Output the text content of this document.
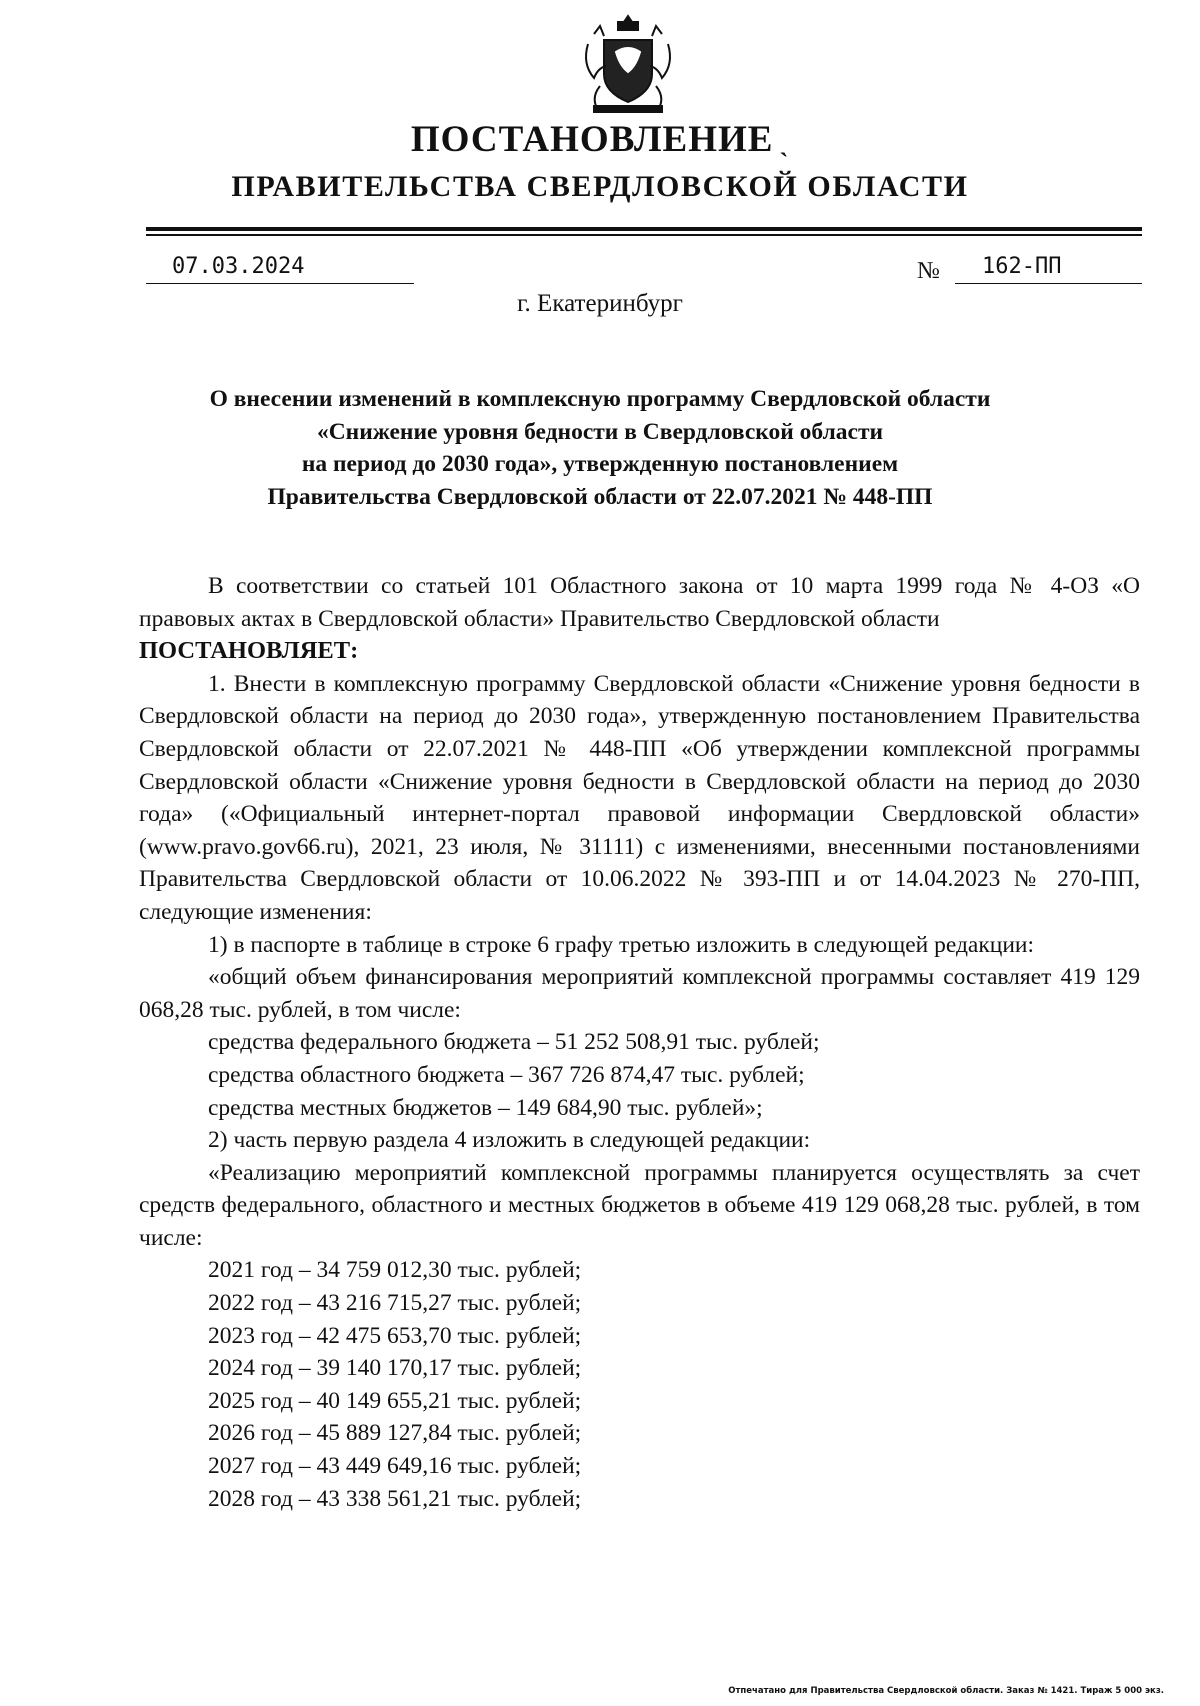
ПОСТАНОВЛЕНИЕ ˎ
ПРАВИТЕЛЬСТВА СВЕРДЛОВСКОЙ ОБЛАСТИ
07.03.2024	№ 162-ПП
г. Екатеринбург
О внесении изменений в комплексную программу Свердловской области
«Снижение уровня бедности в Свердловской области
на период до 2030 года», утвержденную постановлением
Правительства Свердловской области от 22.07.2021 № 448-ПП

В соответствии со статьей 101 Областного закона от 10 марта 1999 года № 4-ОЗ «О правовых актах в Свердловской области» Правительство Свердловской области

ПОСТАНОВЛЯЕТ:

1. Внести в комплексную программу Свердловской области «Снижение уровня бедности в Свердловской области на период до 2030 года», утвержденную постановлением Правительства Свердловской области от 22.07.2021 № 448-ПП «Об утверждении комплексной программы Свердловской области «Снижение уровня бедности в Свердловской области на период до 2030 года» («Официальный интернет-портал правовой информации Свердловской области» (www.pravo.gov66.ru), 2021, 23 июля, № 31111) с изменениями, внесенными постановлениями Правительства Свердловской области от 10.06.2022 № 393-ПП и от 14.04.2023 № 270-ПП, следующие изменения:

1) в паспорте в таблице в строке 6 графу третью изложить в следующей редакции:

«общий объем финансирования мероприятий комплексной программы составляет 419 129 068,28 тыс. рублей, в том числе:

средства федерального бюджета – 51 252 508,91 тыс. рублей;

средства областного бюджета – 367 726 874,47 тыс. рублей;

средства местных бюджетов – 149 684,90 тыс. рублей»;

2) часть первую раздела 4 изложить в следующей редакции:

«Реализацию мероприятий комплексной программы планируется осуществлять за счет средств федерального, областного и местных бюджетов в объеме 419 129 068,28 тыс. рублей, в том числе:

2021 год – 34 759 012,30 тыс. рублей;

2022 год – 43 216 715,27 тыс. рублей;

2023 год – 42 475 653,70 тыс. рублей;

2024 год – 39 140 170,17 тыс. рублей;

2025 год – 40 149 655,21 тыс. рублей;

2026 год – 45 889 127,84 тыс. рублей;

2027 год – 43 449 649,16 тыс. рублей;

2028 год – 43 338 561,21 тыс. рублей;

Отпечатано для Правительства Свердловской области. Заказ № 1421. Тираж 5 000 экз.
